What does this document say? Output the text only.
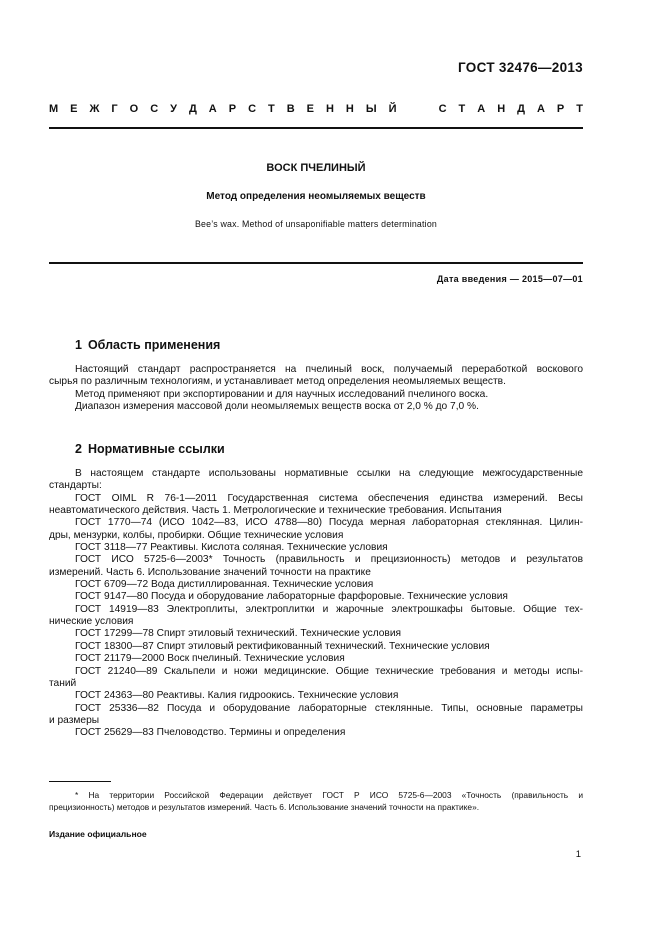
ГОСТ 32476—2013
М Е Ж Г О С У Д А Р С Т В Е Н Н Ы Й

	С Т А Н Д А Р Т
ВОСК ПЧЕЛИНЫЙ
Метод определения неомыляемых веществ
Bee’s wax. Method of unsaponifiable matters determination
Дата введения — 2015—07—01
1 Область применения

Настоящий стандарт распространяется на пчелиный воск, получаемый переработкой воскового

сырья по различным технологиям, и устанавливает метод определения неомыляемых веществ.

Метод применяют при экспортировании и для научных исследований пчелиного воска.

Диапазон измерения массовой доли неомыляемых веществ воска от 2,0 % до 7,0 %.

2 Нормативные ссылки

В настоящем стандарте использованы нормативные ссылки на следующие межгосударственные

стандарты:

ГОСТ OIML R 76-1—2011 Государственная система обеспечения единства измерений. Весы

неавтоматического действия. Часть 1. Метрологические и технические требования. Испытания

ГОСТ 1770—74 (ИСО 1042—83, ИСО 4788—80) Посуда мерная лабораторная стеклянная. Цилин-

дры, мензурки, колбы, пробирки. Общие технические условия

ГОСТ 3118—77 Реактивы. Кислота соляная. Технические условия

ГОСТ ИСО 5725-6—2003* Точность (правильность и прецизионность) методов и результатов

измерений. Часть 6. Использование значений точности на практике

ГОСТ 6709—72 Вода дистиллированная. Технические условия

ГОСТ 9147—80 Посуда и оборудование лабораторные фарфоровые. Технические условия

ГОСТ 14919—83 Электроплиты, электроплитки и жарочные электрошкафы бытовые. Общие тех-

нические условия

ГОСТ 17299—78 Спирт этиловый технический. Технические условия

ГОСТ 18300—87 Спирт этиловый ректификованный технический. Технические условия

ГОСТ 21179—2000 Воск пчелиный. Технические условия

ГОСТ 21240—89 Скальпели и ножи медицинские. Общие технические требования и методы испы-

таний

ГОСТ 24363—80 Реактивы. Калия гидроокись. Технические условия

ГОСТ 25336—82 Посуда и оборудование лабораторные стеклянные. Типы, основные параметры

и размеры

ГОСТ 25629—83 Пчеловодство. Термины и определения

* На территории Российской Федерации действует ГОСТ Р ИСО 5725-6—2003 «Точность (правильность и

прецизионность) методов и результатов измерений. Часть 6. Использование значений точности на практике».

Издание официальное
1
